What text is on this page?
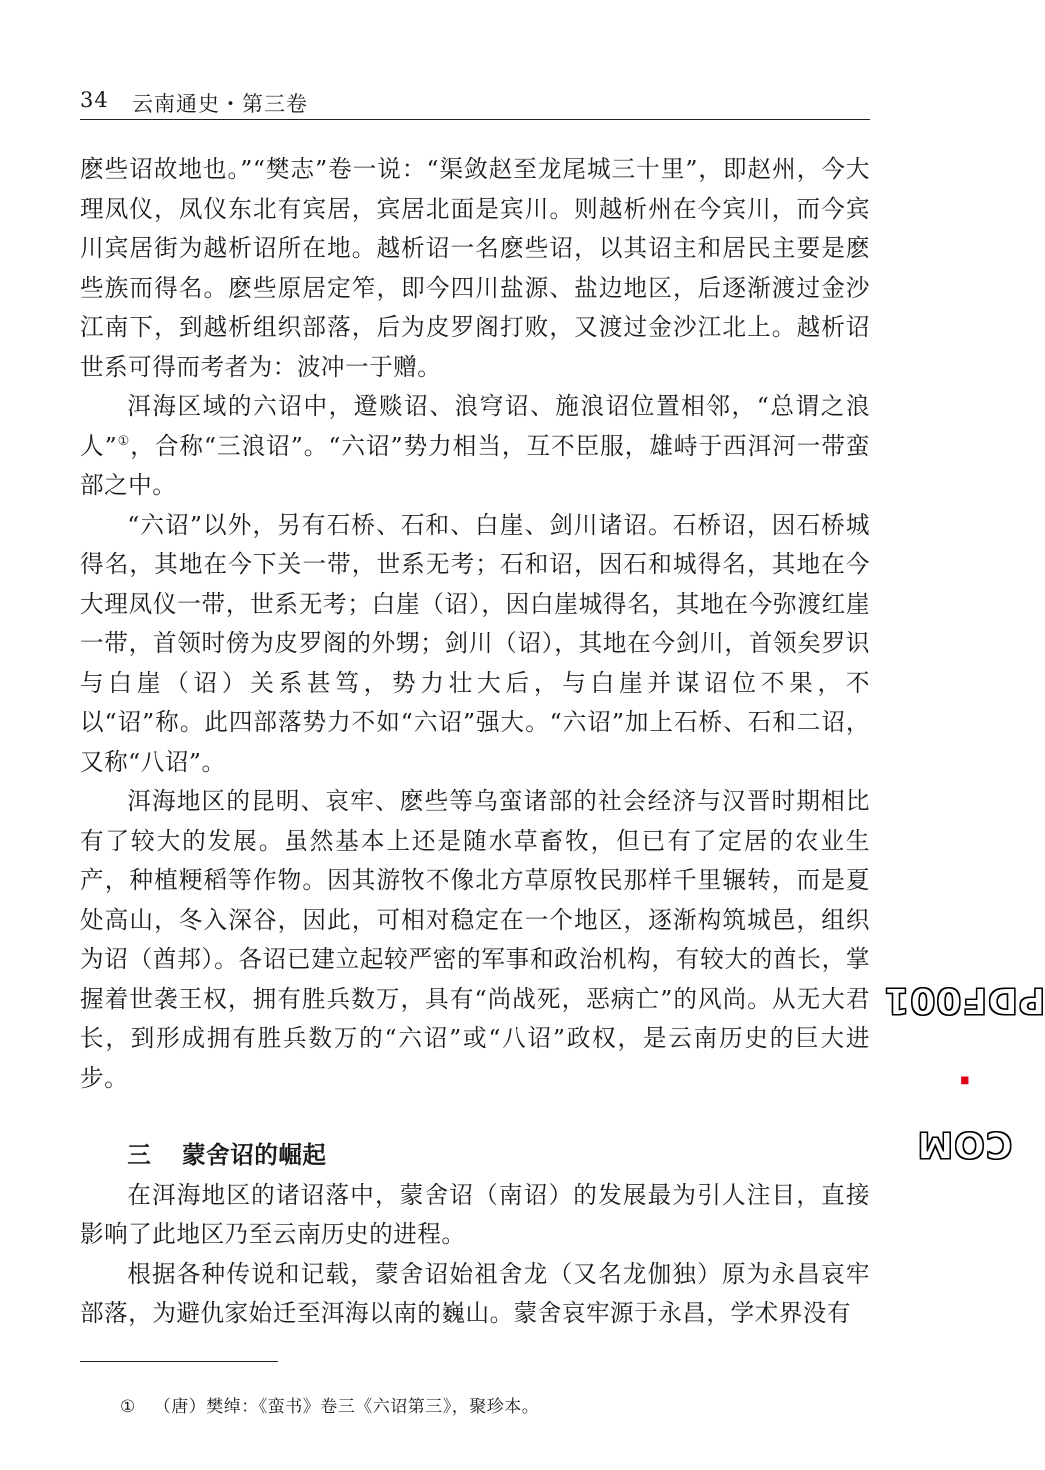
34 云南通史・第三卷

麽些诏故地也。”“樊志”卷一说：“渠敛赵至龙尾城三十里”，即赵州，今大理凤仪，凤仪东北有宾居，宾居北面是宾川。则越析州在今宾川，而今宾川宾居街为越析诏所在地。越析诏一名麽些诏，以其诏主和居民主要是麽些族而得名。麽些原居定笮，即今四川盐源、盐边地区，后逐渐渡过金沙江南下，到越析组织部落，后为皮罗阁打败，又渡过金沙江北上。越析诏世系可得而考者为：波冲一于赠。

洱海区域的六诏中，邆赕诏、浪穹诏、施浪诏位置相邻，“总谓之浪人”①，合称“三浪诏”。“六诏”势力相当，互不臣服，雄峙于西洱河一带蛮部之中。

“六诏”以外，另有石桥、石和、白崖、剑川诸诏。石桥诏，因石桥城得名，其地在今下关一带，世系无考；石和诏，因石和城得名，其地在今大理凤仪一带，世系无考；白崖（诏），因白崖城得名，其地在今弥渡红崖一带，首领时傍为皮罗阁的外甥；剑川（诏），其地在今剑川，首领矣罗识与白崖（诏）关系甚笃，势力壮大后，与白崖并谋诏位不果，不以“诏”称。此四部落势力不如“六诏”强大。“六诏”加上石桥、石和二诏，又称“八诏”。

洱海地区的昆明、哀牢、麽些等乌蛮诸部的社会经济与汉晋时期相比有了较大的发展。虽然基本上还是随水草畜牧，但已有了定居的农业生产，种植粳稻等作物。因其游牧不像北方草原牧民那样千里辗转，而是夏处高山，冬入深谷，因此，可相对稳定在一个地区，逐渐构筑城邑，组织为诏（酋邦）。各诏已建立起较严密的军事和政治机构，有较大的酋长，掌握着世袭王权，拥有胜兵数万，具有“尚战死，恶病亡”的风尚。从无大君长，到形成拥有胜兵数万的“六诏”或“八诏”政权，是云南历史的巨大进步。

三 蒙舍诏的崛起

在洱海地区的诸诏落中，蒙舍诏（南诏）的发展最为引人注目，直接影响了此地区乃至云南历史的进程。

根据各种传说和记载，蒙舍诏始祖舍龙（又名龙伽独）原为永昌哀牢部落，为避仇家始迁至洱海以南的巍山。蒙舍哀牢源于永昌，学术界没有

① （唐）樊绰：《蛮书》卷三《六诏第三》，聚珍本。
PDF001.COM
